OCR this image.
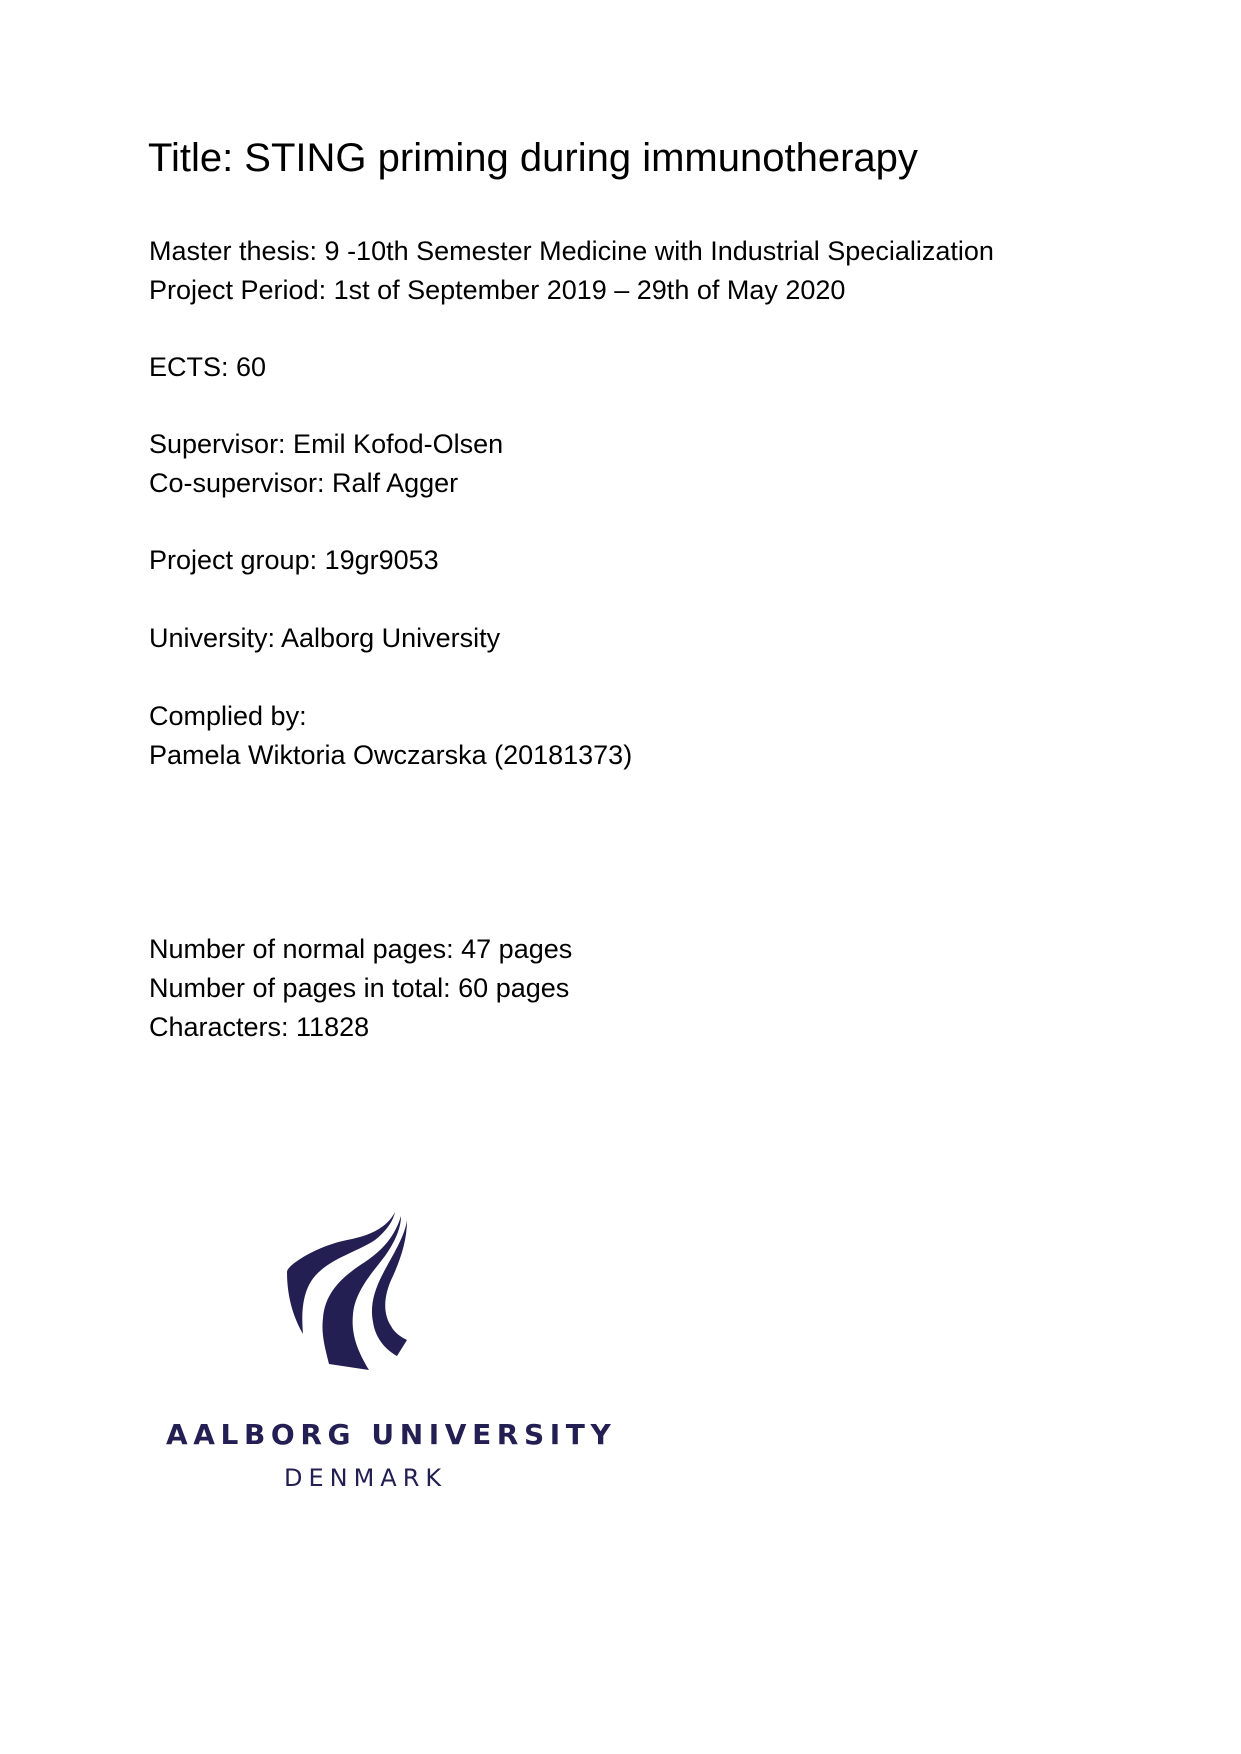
Title: STING priming during immunotherapy
Master thesis: 9 -10th Semester Medicine with Industrial Specialization
Project Period: 1st of September 2019 – 29th of May 2020
ECTS: 60
Supervisor: Emil Kofod-Olsen
Co-supervisor: Ralf Agger
Project group: 19gr9053
University: Aalborg University
Complied by:
Pamela Wiktoria Owczarska (20181373)
Number of normal pages: 47 pages
Number of pages in total: 60 pages
Characters: 11828
AALBORG UNIVERSITY
DENMARK
